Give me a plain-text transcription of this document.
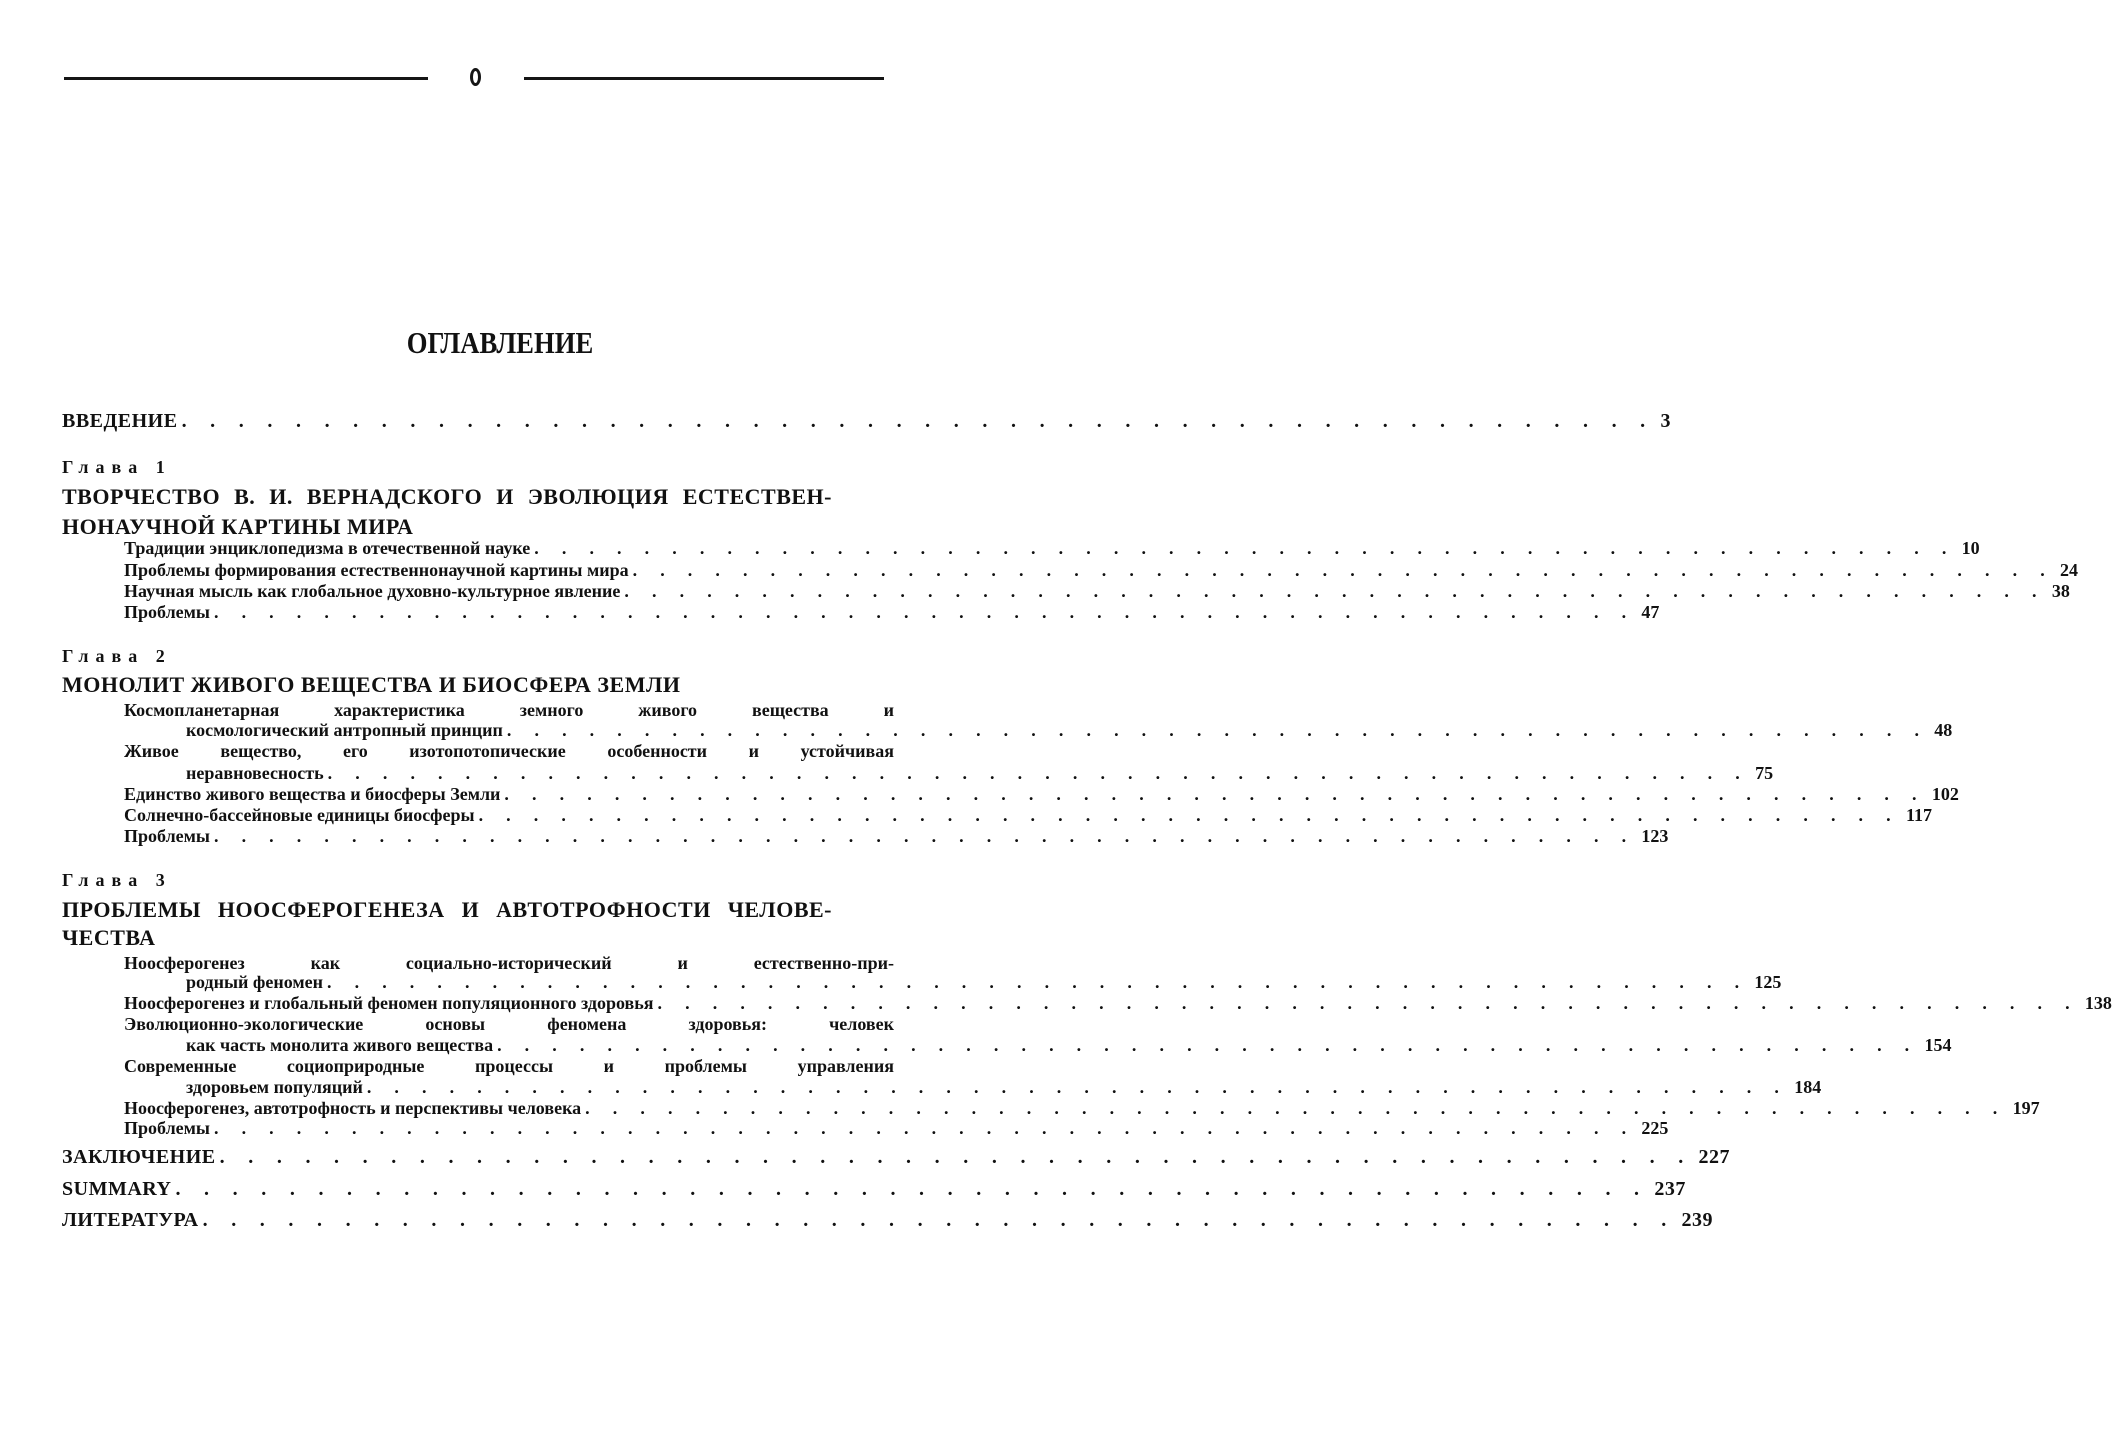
ОГЛАВЛЕНИЕ
ВВЕДЕНИЕ . . . . . . . . . . . . . . . . . . . . . . . . . . . . . . . . . . . . . . . . . . . . . . . . . . . . 3
Глава 1
ТВОРЧЕСТВО В. И. ВЕРНАДСКОГО И ЭВОЛЮЦИЯ ЕСТЕСТВЕН-
НОНАУЧНОЙ КАРТИНЫ МИРА
Традиции энциклопедизма в отечественной науке . . . . . . . . . . . . . . . . . . . . . . . . . . . . . . . . . . . . . . . . . . . . . . . . . . . . 10
Проблемы формирования естественнонаучной картины мира . . . . . . . . . . . . . . . . . . . . . . . . . . . . . . . . . . . . . . . . . . . . . . . . . . . . 24
Научная мысль как глобальное духовно-культурное явление . . . . . . . . . . . . . . . . . . . . . . . . . . . . . . . . . . . . . . . . . . . . . . . . . . . . 38
Проблемы . . . . . . . . . . . . . . . . . . . . . . . . . . . . . . . . . . . . . . . . . . . . . . . . . . . . 47
Глава 2
МОНОЛИТ ЖИВОГО ВЕЩЕСТВА И БИОСФЕРА ЗЕМЛИ
Космопланетарная характеристика земного живого вещества и
космологический антропный принцип . . . . . . . . . . . . . . . . . . . . . . . . . . . . . . . . . . . . . . . . . . . . . . . . . . . . 48
Живое вещество, его изотопотопические особенности и устойчивая
неравновесность . . . . . . . . . . . . . . . . . . . . . . . . . . . . . . . . . . . . . . . . . . . . . . . . . . . . 75
Единство живого вещества и биосферы Земли . . . . . . . . . . . . . . . . . . . . . . . . . . . . . . . . . . . . . . . . . . . . . . . . . . . . 102
Солнечно-бассейновые единицы биосферы . . . . . . . . . . . . . . . . . . . . . . . . . . . . . . . . . . . . . . . . . . . . . . . . . . . . 117
Проблемы . . . . . . . . . . . . . . . . . . . . . . . . . . . . . . . . . . . . . . . . . . . . . . . . . . . . 123
Глава 3
ПРОБЛЕМЫ НООСФЕРОГЕНЕЗА И АВТОТРОФНОСТИ ЧЕЛОВЕ-
ЧЕСТВА
Ноосферогенез как социально-исторический и естественно-при-
родный феномен . . . . . . . . . . . . . . . . . . . . . . . . . . . . . . . . . . . . . . . . . . . . . . . . . . . . 125
Ноосферогенез и глобальный феномен популяционного здоровья . . . . . . . . . . . . . . . . . . . . . . . . . . . . . . . . . . . . . . . . . . . . . . . . . . . . 138
Эволюционно-экологические основы феномена здоровья: человек
как часть монолита живого вещества . . . . . . . . . . . . . . . . . . . . . . . . . . . . . . . . . . . . . . . . . . . . . . . . . . . . 154
Современные социоприродные процессы и проблемы управления
здоровьем популяций . . . . . . . . . . . . . . . . . . . . . . . . . . . . . . . . . . . . . . . . . . . . . . . . . . . . 184
Ноосферогенез, автотрофность и перспективы человека . . . . . . . . . . . . . . . . . . . . . . . . . . . . . . . . . . . . . . . . . . . . . . . . . . . . 197
Проблемы . . . . . . . . . . . . . . . . . . . . . . . . . . . . . . . . . . . . . . . . . . . . . . . . . . . . 225
ЗАКЛЮЧЕНИЕ . . . . . . . . . . . . . . . . . . . . . . . . . . . . . . . . . . . . . . . . . . . . . . . . . . . . 227
SUMMARY . . . . . . . . . . . . . . . . . . . . . . . . . . . . . . . . . . . . . . . . . . . . . . . . . . . . 237
ЛИТЕРАТУРА . . . . . . . . . . . . . . . . . . . . . . . . . . . . . . . . . . . . . . . . . . . . . . . . . . . . 239
